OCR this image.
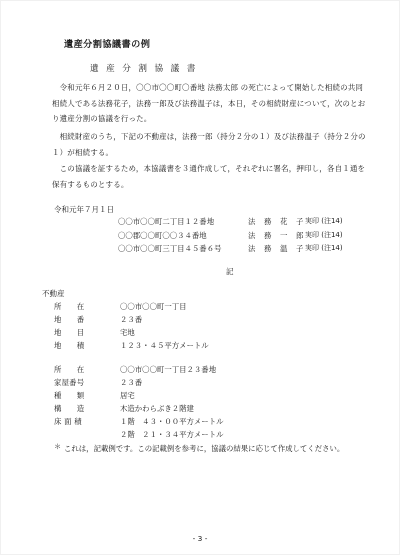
遺産分割協議書の例
遺 産 分 割 協 議 書
　令和元年６月２０日，〇〇市〇〇町〇番地 法務太郎 の死亡によって開始した相続の共同相続人である法務花子，法務一郎及び法務温子は，本日，その相続財産について，次のとおり遺産分割の協議を行った。
　相続財産のうち，下記の不動産は，法務一郎（持分２分の１）及び法務温子（持分２分の１）が相続する。
　この協議を証するため，本協議書を３通作成して，それぞれに署名，押印し，各自１通を保有するものとする。
令和元年７月１日
〇〇市〇〇町二丁目１２番地
〇〇郡〇〇町〇〇３４番地
〇〇市〇〇町三丁目４５番６号
法　務　花　子
法　務　一　郎
法　務　温　子
実印 (注14)
実印 (注14)
実印 (注14)
記
不動産
所　　在
地　　番
地　　目
地　　積
〇〇市〇〇町一丁目
２３番
宅地
１２３・４５平方メートル
所　　在
家屋番号
種　　類
構　　造
床 面 積
〇〇市〇〇町一丁目２３番地
２３番
居宅
木造かわらぶき２階建
１階　４３・００平方メートル
２階　２１・３４平方メートル
＊ これは，記載例です。この記載例を参考に，協議の結果に応じて作成してください。
- 3 -
